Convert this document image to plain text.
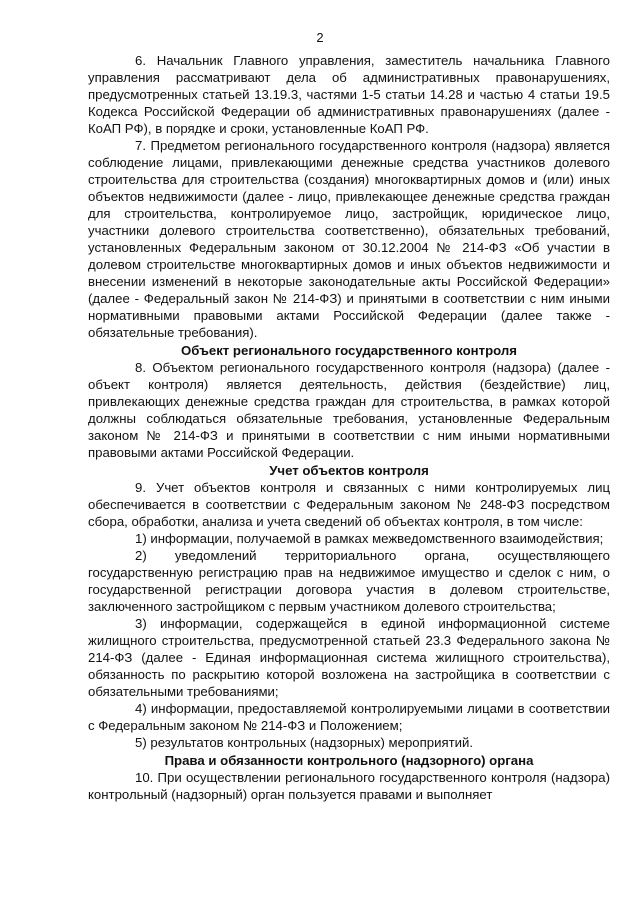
2

6. Начальник Главного управления, заместитель начальника Главного управления рассматривают дела об административных правонарушениях, предусмотренных статьей 13.19.3, частями 1-5 статьи 14.28 и частью 4 статьи 19.5 Кодекса Российской Федерации об административных правонарушениях (далее - КоАП РФ), в порядке и сроки, установленные КоАП РФ.

7. Предметом регионального государственного контроля (надзора) является соблюдение лицами, привлекающими денежные средства участников долевого строительства для строительства (создания) многоквартирных домов и (или) иных объектов недвижимости (далее - лицо, привлекающее денежные средства граждан для строительства, контролируемое лицо, застройщик, юридическое лицо, участники долевого строительства соответственно), обязательных требований, установленных Федеральным законом от 30.12.2004 № 214-ФЗ «Об участии в долевом строительстве многоквартирных домов и иных объектов недвижимости и внесении изменений в некоторые законодательные акты Российской Федерации» (далее - Федеральный закон № 214-ФЗ) и принятыми в соответствии с ним иными нормативными правовыми актами Российской Федерации (далее также - обязательные требования).

Объект регионального государственного контроля

8. Объектом регионального государственного контроля (надзора) (далее - объект контроля) является деятельность, действия (бездействие) лиц, привлекающих денежные средства граждан для строительства, в рамках которой должны соблюдаться обязательные требования, установленные Федеральным законом № 214-ФЗ и принятыми в соответствии с ним иными нормативными правовыми актами Российской Федерации.

Учет объектов контроля

9. Учет объектов контроля и связанных с ними контролируемых лиц обеспечивается в соответствии с Федеральным законом № 248-ФЗ посредством сбора, обработки, анализа и учета сведений об объектах контроля, в том числе:

1) информации, получаемой в рамках межведомственного взаимодействия;

2) уведомлений территориального органа, осуществляющего государственную регистрацию прав на недвижимое имущество и сделок с ним, о государственной регистрации договора участия в долевом строительстве, заключенного застройщиком с первым участником долевого строительства;

3) информации, содержащейся в единой информационной системе жилищного строительства, предусмотренной статьей 23.3 Федерального закона № 214-ФЗ (далее - Единая информационная система жилищного строительства), обязанность по раскрытию которой возложена на застройщика в соответствии с обязательными требованиями;

4) информации, предоставляемой контролируемыми лицами в соответствии с Федеральным законом № 214-ФЗ и Положением;

5) результатов контрольных (надзорных) мероприятий.

Права и обязанности контрольного (надзорного) органа

10. При осуществлении регионального государственного контроля (надзора) контрольный (надзорный) орган пользуется правами и выполняет
